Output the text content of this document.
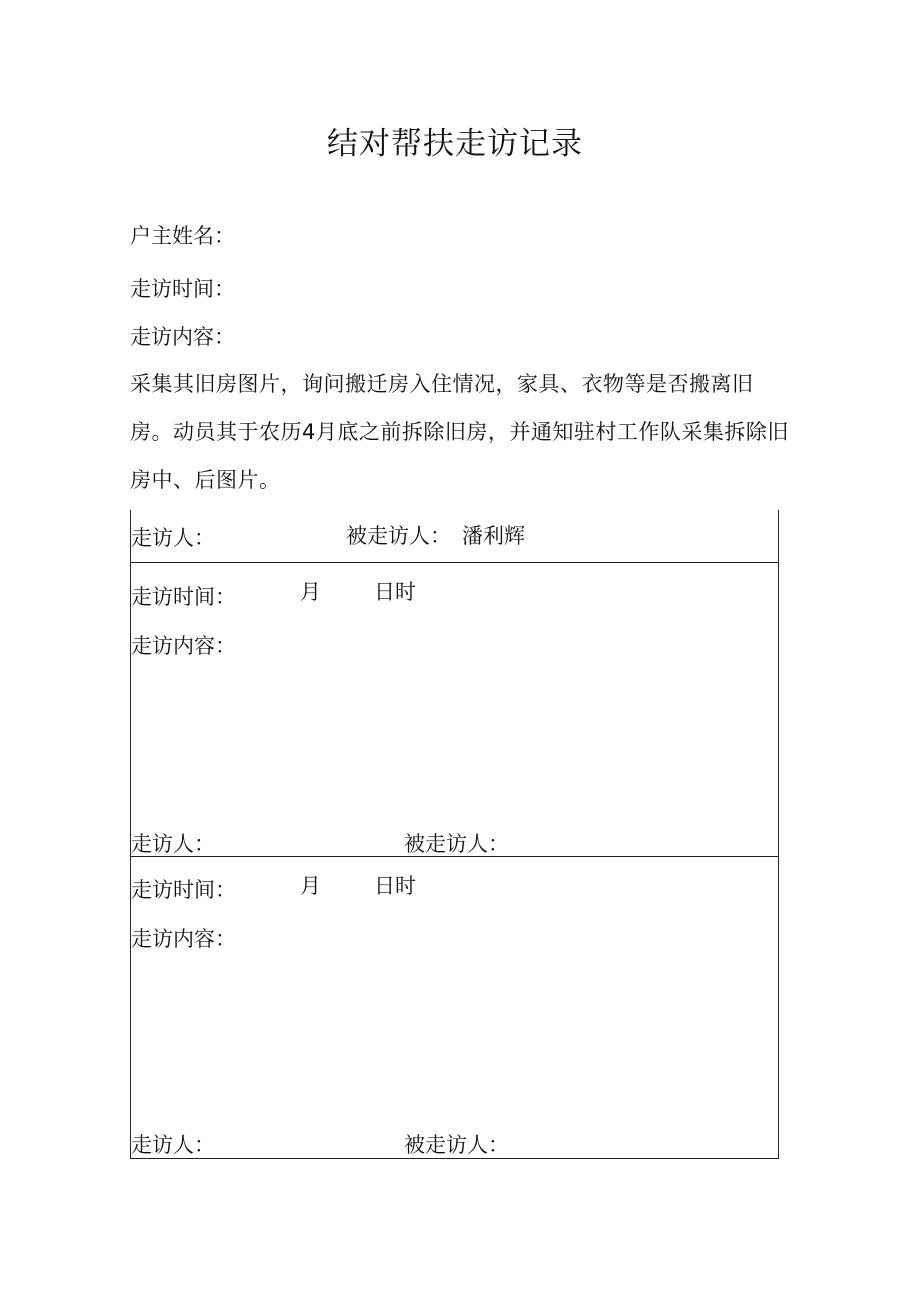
结对帮扶走访记录
户主姓名：
走访时间：
走访内容：
采集其旧房图片，询问搬迁房入住情况，家具、衣物等是否搬离旧房。动员其于农历4月底之前拆除旧房，并通知驻村工作队采集拆除旧房中、后图片。
走访人：	被走访人： 潘利辉
走访时间：	月	日时
走访内容：
走访人：	被走访人：
走访时间：	月	日时
走访内容：
走访人：	被走访人：
